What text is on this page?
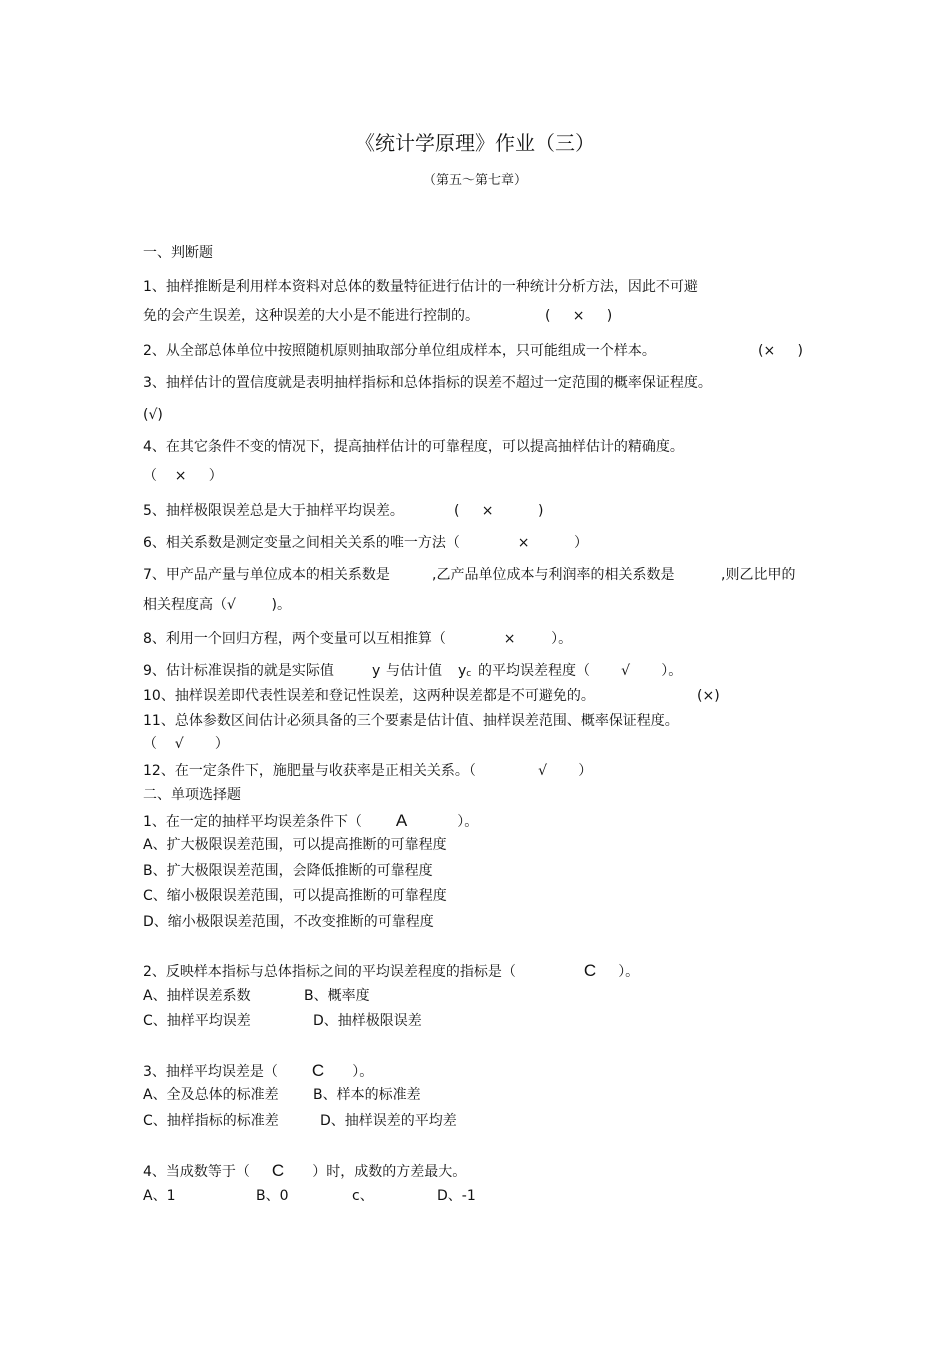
《统计学原理》作业（三）
（第五～第七章）
一、判断题
1、抽样推断是利用样本资料对总体的数量特征进行估计的一种统计分析方法，因此不可避
免的会产生误差，这种误差的大小是不能进行控制的。	(     ×     )
2、从全部总体单位中按照随机原则抽取部分单位组成样本，只可能组成一个样本。	(×     )
3、抽样估计的置信度就是表明抽样指标和总体指标的误差不超过一定范围的概率保证程度。
(√)
4、在其它条件不变的情况下，提高抽样估计的可靠程度，可以提高抽样估计的精确度。
（    ×     ）
5、抽样极限误差总是大于抽样平均误差。	(     ×          )
6、相关系数是测定变量之间相关关系的唯一方法（             ×          ）
7、甲产品产量与单位成本的相关系数是	,乙产品单位成本与利润率的相关系数是	,则乙比甲的
相关程度高（√        )。
8、利用一个回归方程，两个变量可以互相推算（             ×        ）。
9、估计标准误指的就是实际值	y 与估计值 $y_c$ 的平均误差程度（       √       ）。
10、抽样误差即代表性误差和登记性误差，这两种误差都是不可避免的。	(×)
11、总体参数区间估计必须具备的三个要素是估计值、抽样误差范围、概率保证程度。
（    √       ）
12、在一定条件下，施肥量与收获率是正相关关系。（              √       ）
二、单项选择题
1、在一定的抽样平均误差条件下（ A	）。
A、扩大极限误差范围，可以提高推断的可靠程度
B、扩大极限误差范围，会降低推断的可靠程度
C、缩小极限误差范围，可以提高推断的可靠程度
D、缩小极限误差范围，不改变推断的可靠程度
2、反映样本指标与总体指标之间的平均误差程度的指标是（	C ）。
A、抽样误差系数	B、概率度
C、抽样平均误差	D、抽样极限误差
3、抽样平均误差是（ C ）。
A、全及总体的标准差 B、样本的标准差
C、抽样指标的标准差	D、抽样误差的平均差
4、当成数等于（ C ）时，成数的方差最大。
A、1	B、0	c、	D、-1
